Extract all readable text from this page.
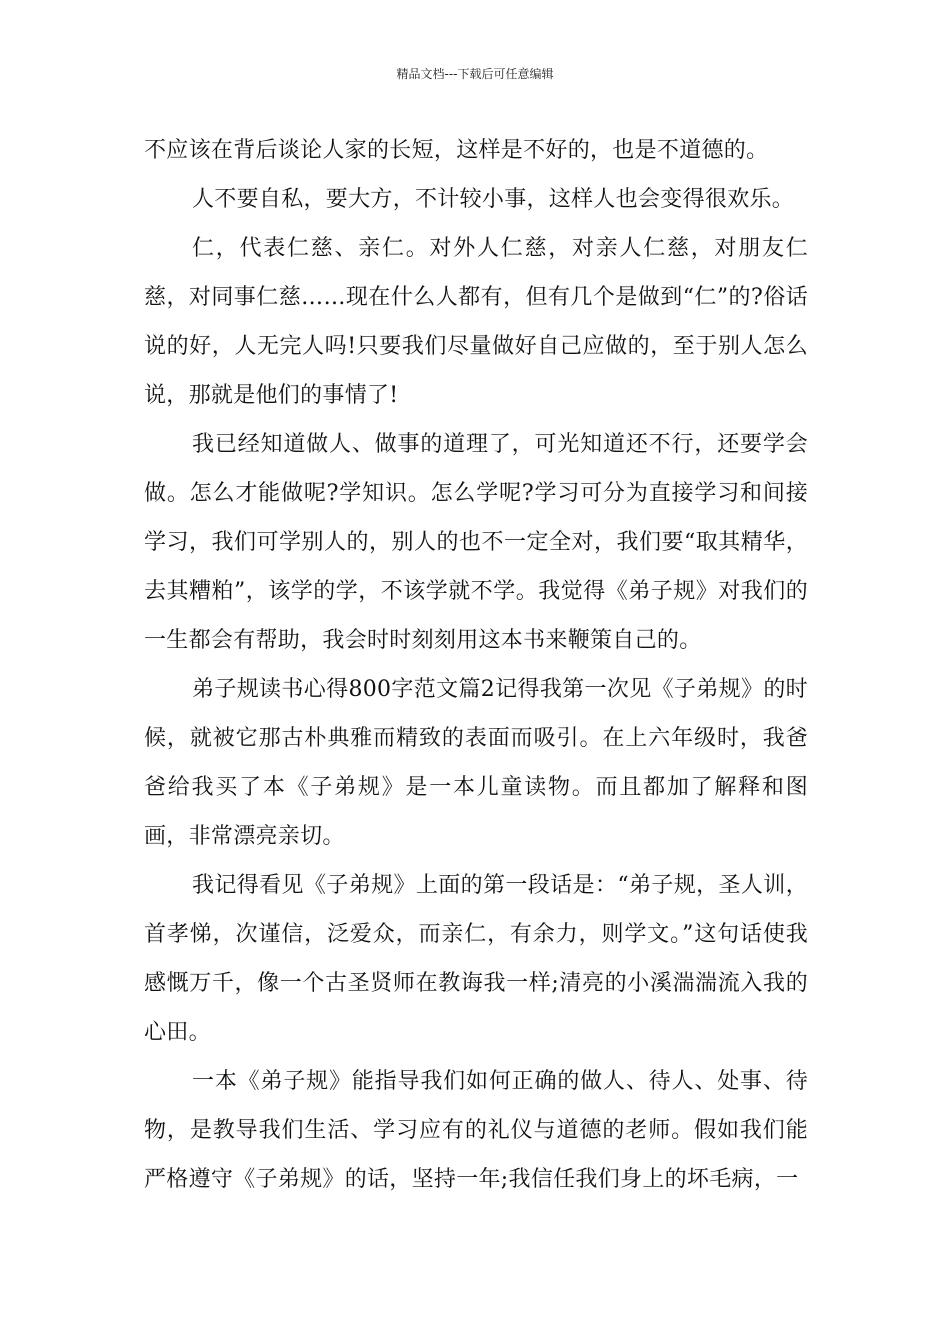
精品文档---下载后可任意编辑

不应该在背后谈论人家的长短，这样是不好的，也是不道德的。

人不要自私，要大方，不计较小事，这样人也会变得很欢乐。

仁，代表仁慈、亲仁。对外人仁慈，对亲人仁慈，对朋友仁慈，对同事仁慈……现在什么人都有，但有几个是做到“仁”的?俗话说的好，人无完人吗!只要我们尽量做好自己应做的，至于别人怎么说，那就是他们的事情了!

我已经知道做人、做事的道理了，可光知道还不行，还要学会做。怎么才能做呢?学知识。怎么学呢?学习可分为直接学习和间接学习，我们可学别人的，别人的也不一定全对，我们要“取其精华，去其糟粕”，该学的学，不该学就不学。我觉得《弟子规》对我们的一生都会有帮助，我会时时刻刻用这本书来鞭策自己的。

弟子规读书心得800字范文篇2记得我第一次见《子弟规》的时候，就被它那古朴典雅而精致的表面而吸引。在上六年级时，我爸爸给我买了本《子弟规》是一本儿童读物。而且都加了解释和图画，非常漂亮亲切。

我记得看见《子弟规》上面的第一段话是：“弟子规，圣人训，首孝悌，次谨信，泛爱众，而亲仁，有余力，则学文。”这句话使我感慨万千，像一个古圣贤师在教诲我一样;清亮的小溪湍湍流入我的心田。

一本《弟子规》能指导我们如何正确的做人、待人、处事、待物，是教导我们生活、学习应有的礼仪与道德的老师。假如我们能严格遵守《子弟规》的话，坚持一年;我信任我们身上的坏毛病，一
